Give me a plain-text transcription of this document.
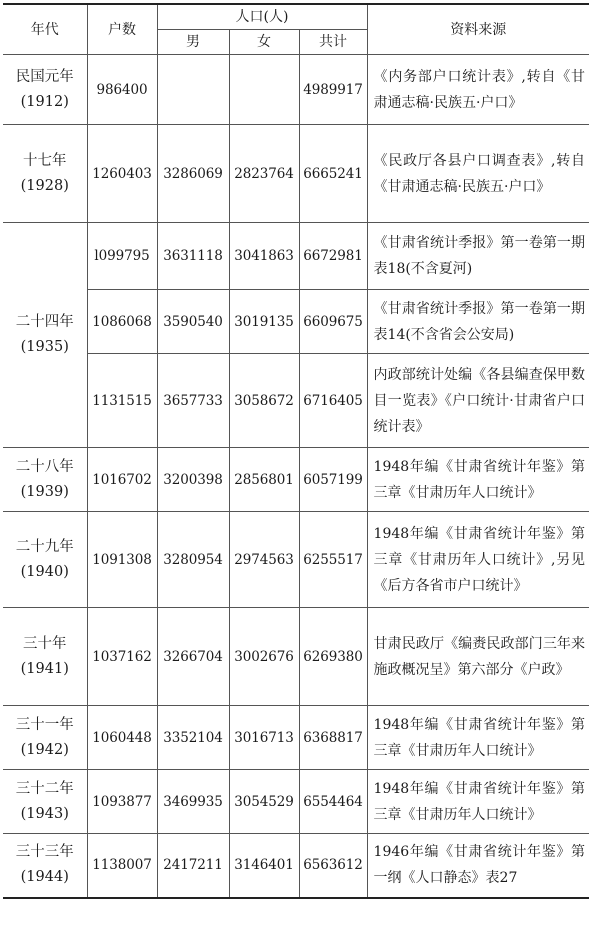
年代	户数	人口(人)			资料来源
		男	女	共计	

民国元年
(1912)	986400			4989917	《内务部户口统计表》,转自《甘肃通志稿·民族五·户口》

十七年
(1928)	1260403	3286069	2823764	6665241	《民政厅各县户口调查表》,转自《甘肃通志稿·民族五·户口》

二十四年
(1935)	l099795	3631118	3041863	6672981	《甘肃省统计季报》第一卷第一期表18(不含夏河)
	1086068	3590540	3019135	6609675	《甘肃省统计季报》第一卷第一期表14(不含省会公安局)
	1131515	3657733	3058672	6716405	内政部统计处编《各县编查保甲数目一览表》《户口统计·甘肃省户口统计表》

二十八年
(1939)	1016702	3200398	2856801	6057199	1948年编《甘肃省统计年鉴》第三章《甘肃历年人口统计》

二十九年
(1940)	1091308	3280954	2974563	6255517	1948年编《甘肃省统计年鉴》第三章《甘肃历年人口统计》,另见《后方各省市户口统计》

三十年
(1941)	1037162	3266704	3002676	6269380	甘肃民政厅《编赉民政部门三年来施政概况呈》第六部分《户政》

三十一年
(1942)	1060448	3352104	3016713	6368817	1948年编《甘肃省统计年鉴》第三章《甘肃历年人口统计》

三十二年
(1943)	1093877	3469935	3054529	6554464	1948年编《甘肃省统计年鉴》第三章《甘肃历年人口统计》

三十三年
(1944)	1138007	2417211	3146401	6563612	1946年编《甘肃省统计年鉴》第一纲《人口静态》表27
